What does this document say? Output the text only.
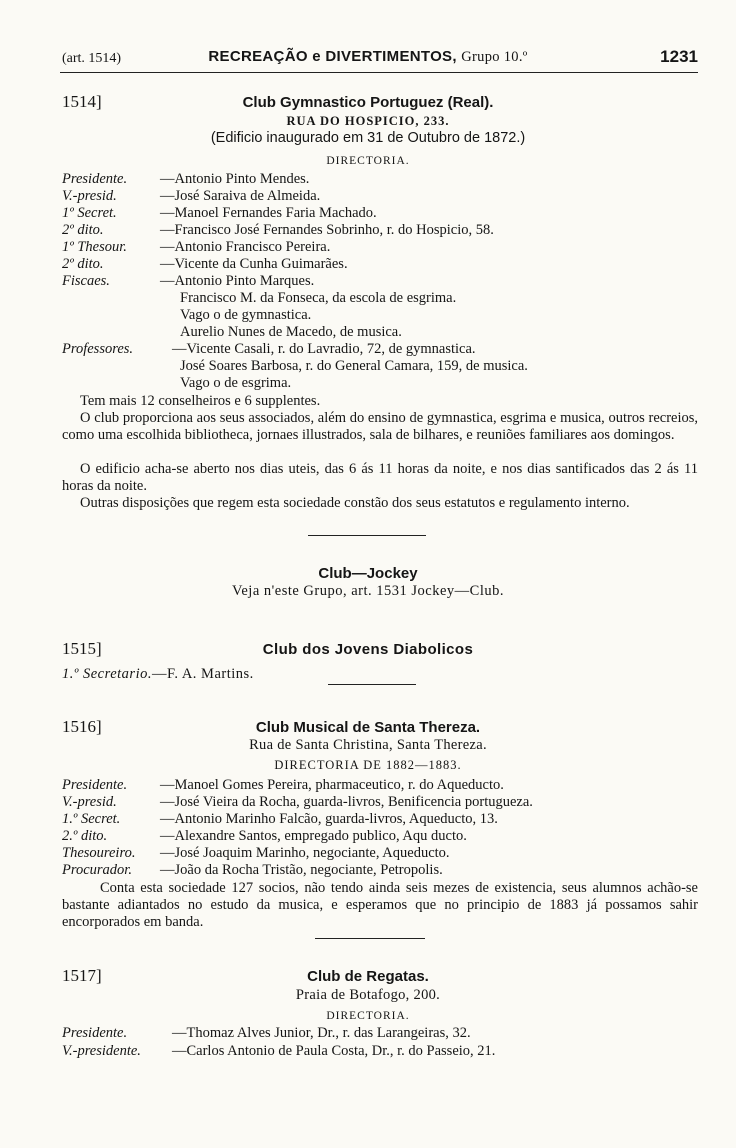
(art. 1514)	RECREAÇÃO e DIVERTIMENTOS, Grupo 10.º	1231
1514]	Club Gymnastico Portuguez (Real).
RUA DO HOSPICIO, 233.
(Edificio inaugurado em 31 de Outubro de 1872.)
DIRECTORIA.
Presidente. —Antonio Pinto Mendes.
V.-presid.	—José Saraiva de Almeida.
1º Secret.	—Manoel Fernandes Faria Machado.
2º dito.	—Francisco José Fernandes Sobrinho, r. do Hospicio, 58.
1º Thesour. —Antonio Francisco Pereira.
2º dito.	—Vicente da Cunha Guimarães.
Fiscaes.	—Antonio Pinto Marques.
Francisco M. da Fonseca, da escola de esgrima.
Vago o de gymnastica.
Aurelio Nunes de Macedo, de musica.
Professores.	—Vicente Casali, r. do Lavradio, 72, de gymnastica.
José Soares Barbosa, r. do General Camara, 159, de musica.
Vago o de esgrima.
Tem mais 12 conselheiros e 6 supplentes.
O club proporciona aos seus associados, além do ensino de gymnastica, esgrima e musica, outros recreios, como uma escolhida bibliotheca, jornaes illustrados, sala de bilhares, e reuniões familiares aos domingos.
O edificio acha-se aberto nos dias uteis, das 6 ás 11 horas da noite, e nos dias santificados das 2 ás 11 horas da noite.
Outras disposições que regem esta sociedade constão dos seus estatutos e regulamento interno.
Club—Jockey
Veja n'este Grupo, art. 1531 Jockey—Club.
1515]	Club dos Jovens Diabolicos
1.º Secretario.—F. A. Martins.
1516]	Club Musical de Santa Thereza.
Rua de Santa Christina, Santa Thereza.
DIRECTORIA DE 1882—1883.
Presidente. —Manoel Gomes Pereira, pharmaceutico, r. do Aqueducto.
V.-presid.	—José Vieira da Rocha, guarda-livros, Benificencia portugueza.
1.º Secret.	—Antonio Marinho Falcão, guarda-livros, Aqueducto, 13.
2.º dito.	—Alexandre Santos, empregado publico, Aqu ducto.
Thesoureiro. —José Joaquim Marinho, negociante, Aqueducto.
Procurador. —João da Rocha Tristão, negociante, Petropolis.
Conta esta sociedade 127 socios, não tendo ainda seis mezes de existencia, seus alumnos achão-se bastante adiantados no estudo da musica, e esperamos que no principio de 1883 já possamos sahir encorporados em banda.
1517]	Club de Regatas.
Praia de Botafogo, 200.
DIRECTORIA.
Presidente.	—Thomaz Alves Junior, Dr., r. das Larangeiras, 32.
V.-presidente. —Carlos Antonio de Paula Costa, Dr., r. do Passeio, 21.
